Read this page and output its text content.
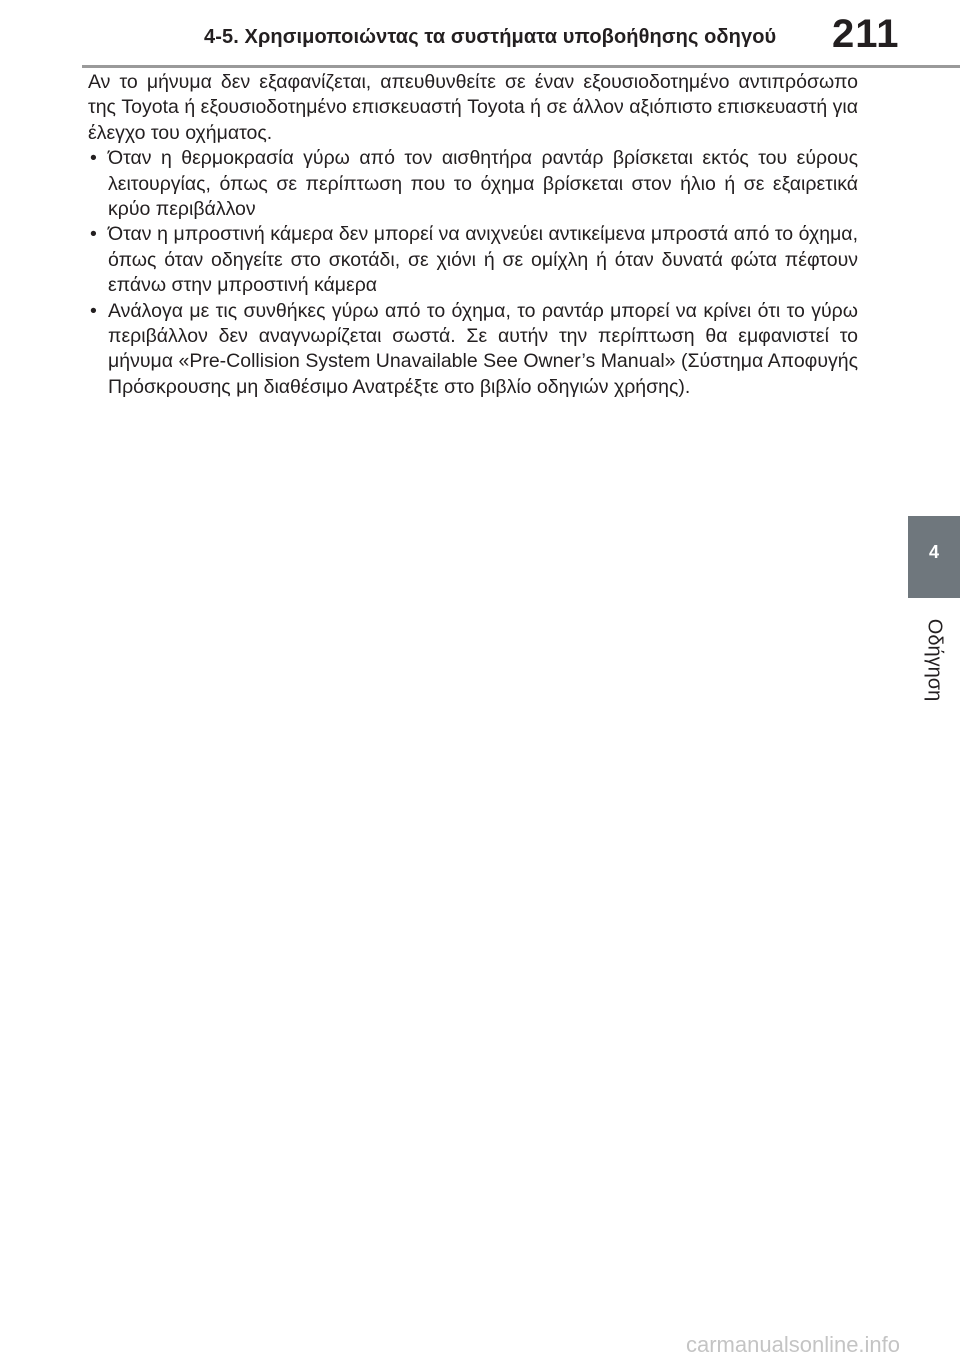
4-5. Χρησιμοποιώντας τα συστήματα υποβοήθησης οδηγού 211

Αν το μήνυμα δεν εξαφανίζεται, απευθυνθείτε σε έναν εξουσιοδοτημένο αντιπρόσωπο της Toyota ή εξουσιοδοτημένο επισκευαστή Toyota ή σε άλλον αξιόπιστο επισκευαστή για έλεγχο του οχήματος.

• Όταν η θερμοκρασία γύρω από τον αισθητήρα ραντάρ βρίσκεται εκτός του εύρους λειτουργίας, όπως σε περίπτωση που το όχημα βρίσκεται στον ήλιο ή σε εξαιρετικά κρύο περιβάλλον
• Όταν η μπροστινή κάμερα δεν μπορεί να ανιχνεύει αντικείμενα μπροστά από το όχημα, όπως όταν οδηγείτε στο σκοτάδι, σε χιόνι ή σε ομίχλη ή όταν δυνατά φώτα πέφτουν επάνω στην μπροστινή κάμερα
• Ανάλογα με τις συνθήκες γύρω από το όχημα, το ραντάρ μπορεί να κρίνει ότι το γύρω περιβάλλον δεν αναγνωρίζεται σωστά. Σε αυτήν την περίπτωση θα εμφανιστεί το μήνυμα «Pre-Collision System Unavailable See Owner’s Manual» (Σύστημα Αποφυγής Πρόσκρουσης μη διαθέσιμο Ανατρέξτε στο βιβλίο οδηγιών χρήσης).
4
Οδήγηση
carmanualsonline.info
